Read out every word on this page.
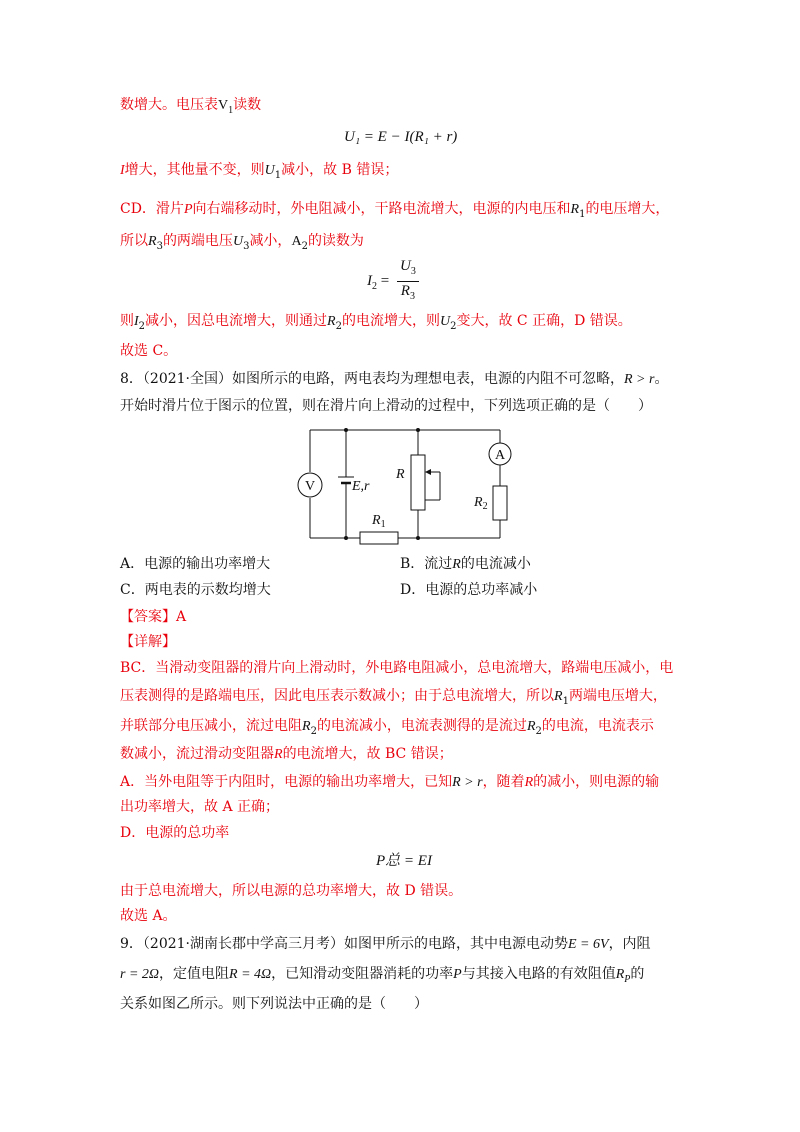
数增大。电压表$V_1$读数
U₁ = E − I(R₁ + r)
I增大，其他量不变，则$U_1$减小，故 B 错误；
CD．滑片P向右端移动时，外电阻减小，干路电流增大，电源的内电压和$R_1$的电压增大，
所以$R_3$的两端电压$U_3$减小，$A_2$的读数为
$I_2 = \frac{U_3}{R_3}$
则$I_2$减小，因总电流增大，则通过$R_2$的电流增大，则$U_2$变大，故 C 正确，D 错误。
故选 C。
8．（2021·全国）如图所示的电路，两电表均为理想电表，电源的内阻不可忽略，R > r。
开始时滑片位于图示的位置，则在滑片向上滑动的过程中，下列选项正确的是（　　）
V	E,r
R
$R_1$
A
$R_2$
A．电源的输出功率增大	B．流过R的电流减小
C．两电表的示数均增大	D．电源的总功率减小
【答案】A
【详解】
BC．当滑动变阻器的滑片向上滑动时，外电路电阻减小，总电流增大，路端电压减小，电
压表测得的是路端电压，因此电压表示数减小；由于总电流增大，所以$R_1$两端电压增大，
并联部分电压减小，流过电阻$R_2$的电流减小，电流表测得的是流过$R_2$的电流，电流表示
数减小，流过滑动变阻器R的电流增大，故 BC 错误；
A．当外电阻等于内阻时，电源的输出功率增大，已知R > r，随着R的减小，则电源的输
出功率增大，故 A 正确；
D．电源的总功率
P总 = EI
由于总电流增大，所以电源的总功率增大，故 D 错误。
故选 A。
9．（2021·湖南长郡中学高三月考）如图甲所示的电路，其中电源电动势E = 6V，内阻
r = 2Ω，定值电阻R = 4Ω，已知滑动变阻器消耗的功率P与其接入电路的有效阻值$R_P$的
关系如图乙所示。则下列说法中正确的是（　　）
